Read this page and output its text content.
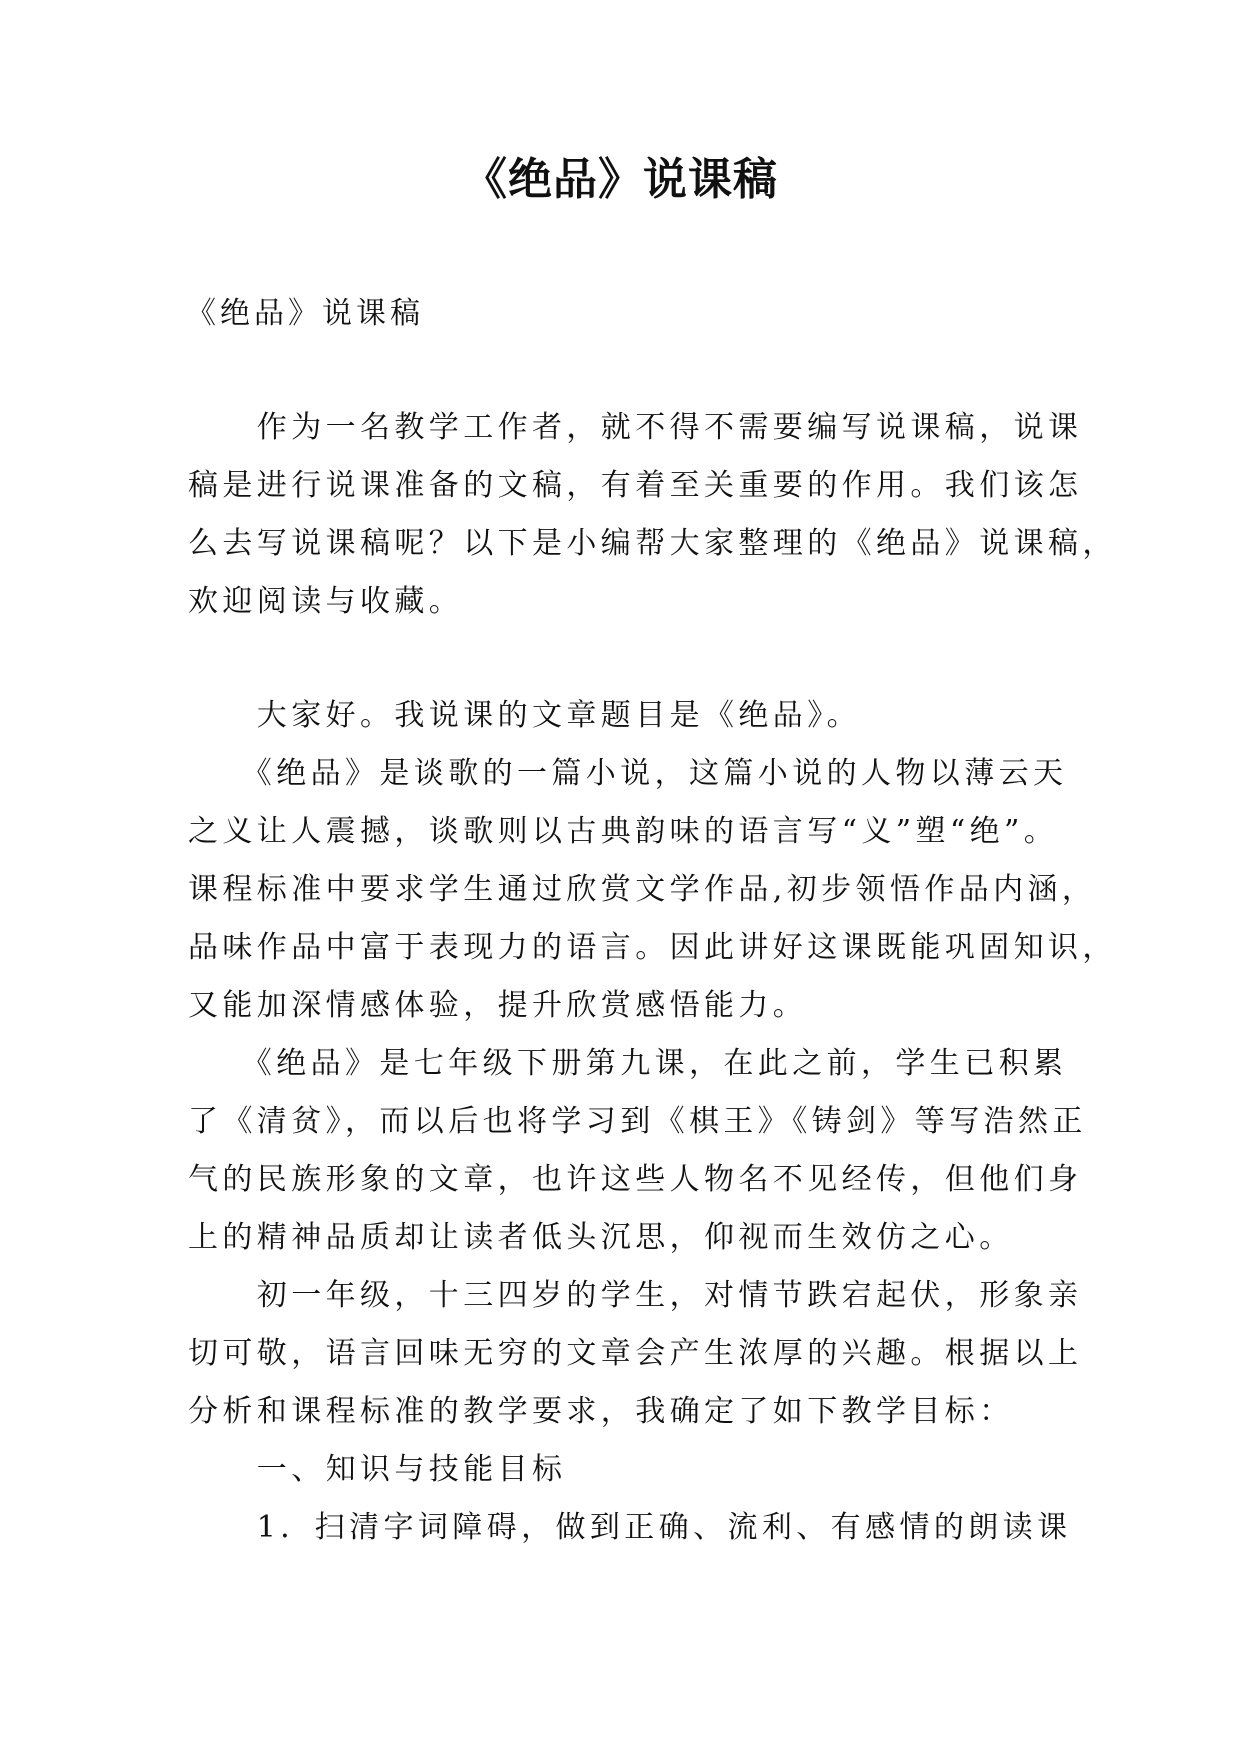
《绝品》说课稿

《绝品》说课稿

　　作为一名教学工作者，就不得不需要编写说课稿，说课

稿是进行说课准备的文稿，有着至关重要的作用。我们该怎

么去写说课稿呢？以下是小编帮大家整理的《绝品》说课稿，

欢迎阅读与收藏。

　　大家好。我说课的文章题目是《绝品》。

　　《绝品》是谈歌的一篇小说，这篇小说的人物以薄云天

之义让人震撼，谈歌则以古典韵味的语言写“义”塑“绝”。

课程标准中要求学生通过欣赏文学作品,初步领悟作品内涵，

品味作品中富于表现力的语言。因此讲好这课既能巩固知识，

又能加深情感体验，提升欣赏感悟能力。

　　《绝品》是七年级下册第九课，在此之前，学生已积累

了《清贫》，而以后也将学习到《棋王》《铸剑》等写浩然正

气的民族形象的文章，也许这些人物名不见经传，但他们身

上的精神品质却让读者低头沉思，仰视而生效仿之心。

　　初一年级，十三四岁的学生，对情节跌宕起伏，形象亲

切可敬，语言回味无穷的文章会产生浓厚的兴趣。根据以上

分析和课程标准的教学要求，我确定了如下教学目标：

　　一、知识与技能目标

　　1．扫清字词障碍，做到正确、流利、有感情的朗读课
